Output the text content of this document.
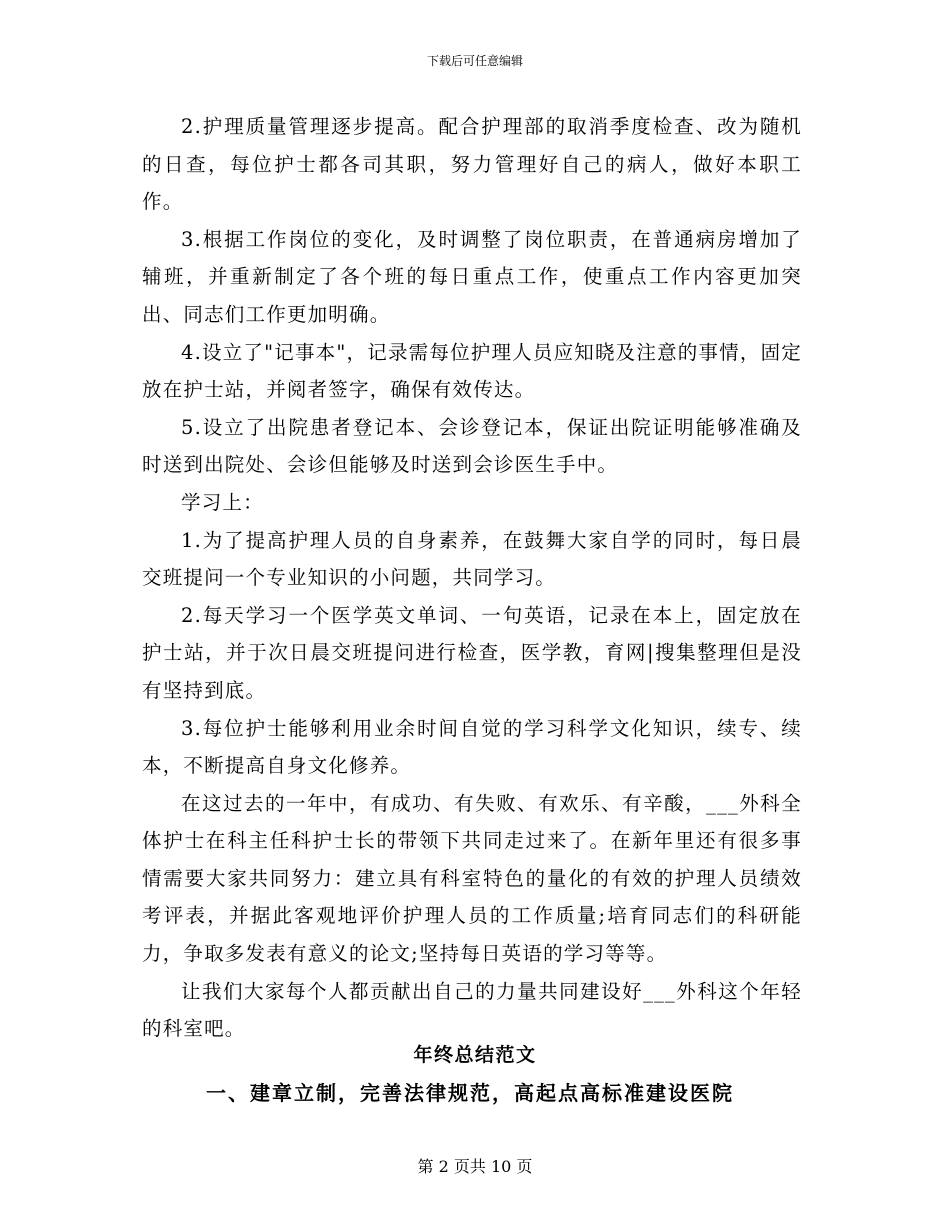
下载后可任意编辑

2.护理质量管理逐步提高。配合护理部的取消季度检查、改为随机的日查，每位护士都各司其职，努力管理好自己的病人，做好本职工作。

3.根据工作岗位的变化，及时调整了岗位职责，在普通病房增加了辅班，并重新制定了各个班的每日重点工作，使重点工作内容更加突出、同志们工作更加明确。

4.设立了"记事本"，记录需每位护理人员应知晓及注意的事情，固定放在护士站，并阅者签字，确保有效传达。

5.设立了出院患者登记本、会诊登记本，保证出院证明能够准确及时送到出院处、会诊但能够及时送到会诊医生手中。

学习上：

1.为了提高护理人员的自身素养，在鼓舞大家自学的同时，每日晨交班提问一个专业知识的小问题，共同学习。

2.每天学习一个医学英文单词、一句英语，记录在本上，固定放在护士站，并于次日晨交班提问进行检查，医学教，育网|搜集整理但是没有坚持到底。

3.每位护士能够利用业余时间自觉的学习科学文化知识，续专、续本，不断提高自身文化修养。

在这过去的一年中，有成功、有失败、有欢乐、有辛酸，___外科全体护士在科主任科护士长的带领下共同走过来了。在新年里还有很多事情需要大家共同努力：建立具有科室特色的量化的有效的护理人员绩效考评表，并据此客观地评价护理人员的工作质量;培育同志们的科研能力，争取多发表有意义的论文;坚持每日英语的学习等等。

让我们大家每个人都贡献出自己的力量共同建设好___外科这个年轻的科室吧。

年终总结范文
一、建章立制，完善法律规范，高起点高标准建设医院
第 2 页共 10 页
